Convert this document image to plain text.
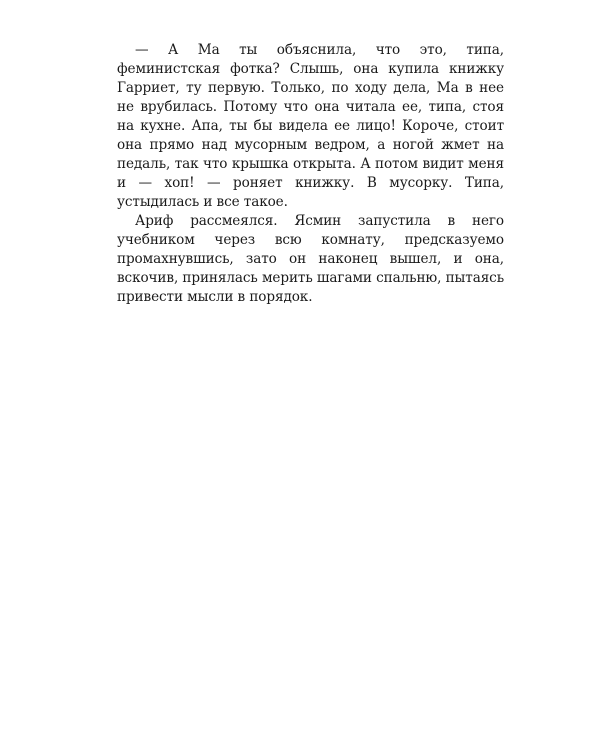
— А Ма ты объяснила, что это, типа, феминистская фотка? Слышь, она купила книжку Гарриет, ту первую. Только, по ходу дела, Ма в нее не врубилась. Потому что она читала ее, типа, стоя на кухне. Апа, ты бы видела ее лицо! Короче, стоит она прямо над мусорным ведром, а ногой жмет на педаль, так что крышка открыта. А потом видит меня и — хоп! — роняет книжку. В мусорку. Типа, устыдилась и все такое.

Ариф рассмеялся. Ясмин запустила в него учебником через всю комнату, предсказуемо промахнувшись, зато он наконец вышел, и она, вскочив, принялась мерить шагами спальню, пытаясь привести мысли в порядок.
